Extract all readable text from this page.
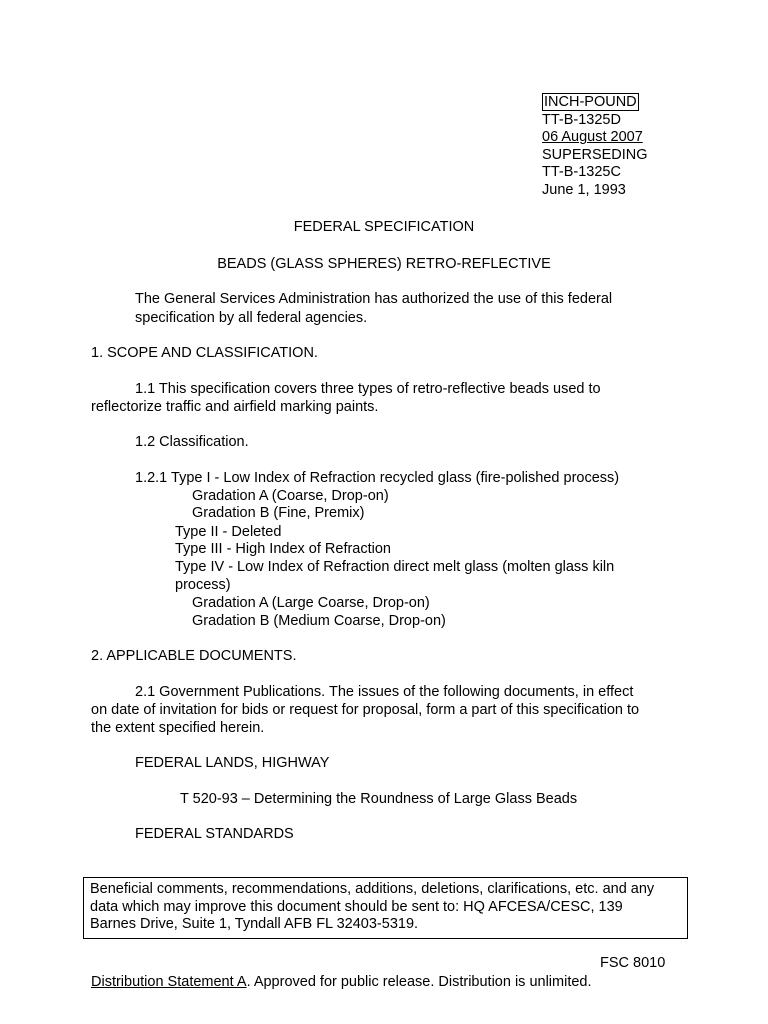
INCH-POUND
TT-B-1325D
06 August 2007
SUPERSEDING
TT-B-1325C
June 1, 1993
FEDERAL SPECIFICATION
BEADS (GLASS SPHERES) RETRO-REFLECTIVE
The General Services Administration has authorized the use of this federal
specification by all federal agencies.
1. SCOPE AND CLASSIFICATION.
1.1 This specification covers three types of retro-reflective beads used to
reflectorize traffic and airfield marking paints.
1.2 Classification.
1.2.1 Type I - Low Index of Refraction recycled glass (fire-polished process)
Gradation A (Coarse, Drop-on)
Gradation B (Fine, Premix)
Type II - Deleted
Type III - High Index of Refraction
Type IV - Low Index of Refraction direct melt glass (molten glass kiln
process)
Gradation A (Large Coarse, Drop-on)
Gradation B (Medium Coarse, Drop-on)
2. APPLICABLE DOCUMENTS.
2.1 Government Publications. The issues of the following documents, in effect
on date of invitation for bids or request for proposal, form a part of this specification to
the extent specified herein.
FEDERAL LANDS, HIGHWAY
T 520-93 – Determining the Roundness of Large Glass Beads
FEDERAL STANDARDS
Beneficial comments, recommendations, additions, deletions, clarifications, etc. and any
data which may improve this document should be sent to: HQ AFCESA/CESC, 139
Barnes Drive, Suite 1, Tyndall AFB FL 32403-5319.
FSC 8010
Distribution Statement A. Approved for public release. Distribution is unlimited.
